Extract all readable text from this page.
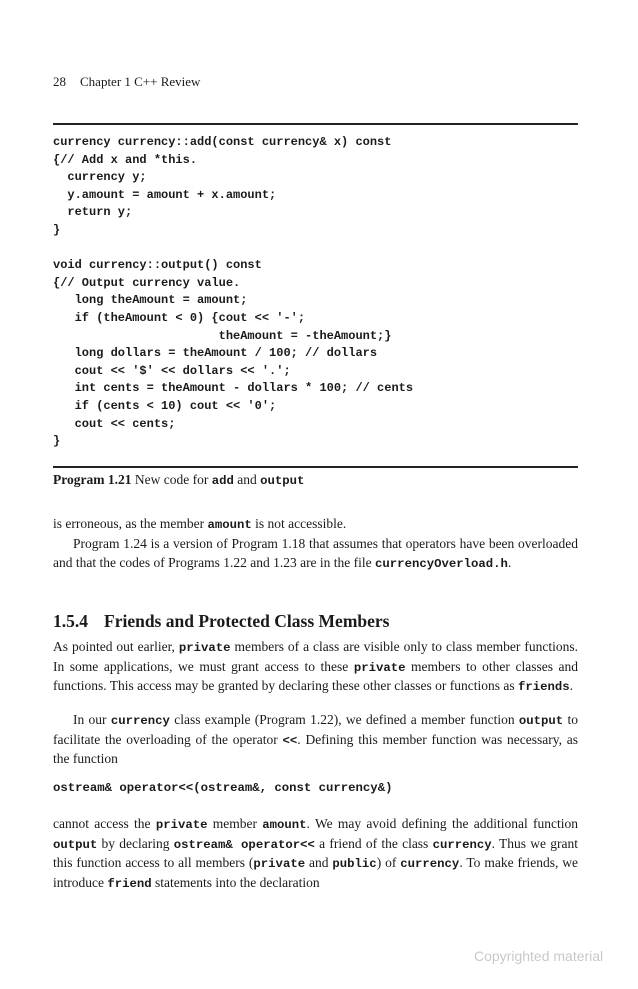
28 Chapter 1 C++ Review
currency currency::add(const currency& x) const
{// Add x and *this.
currency y;
y.amount = amount + x.amount;
return y;
}
void currency::output() const
{// Output currency value.
long theAmount = amount;
if (theAmount < 0) {cout << '-';
theAmount = -theAmount;}
long dollars = theAmount / 100; // dollars
cout << '$' << dollars << '.';
int cents = theAmount - dollars * 100; // cents
if (cents < 10) cout << '0';
cout << cents;
}
Program 1.21 New code for add and output
is erroneous, as the member amount is not accessible.
Program 1.24 is a version of Program 1.18 that assumes that operators have been overloaded and that the codes of Programs 1.22 and 1.23 are in the file currencyOverload.h.
1.5.4 Friends and Protected Class Members
As pointed out earlier, private members of a class are visible only to class member functions. In some applications, we must grant access to these private members to other classes and functions. This access may be granted by declaring these other classes or functions as friends.
In our currency class example (Program 1.22), we defined a member function output to facilitate the overloading of the operator <<. Defining this member function was necessary, as the function
ostream& operator<<(ostream&, const currency&)
cannot access the private member amount. We may avoid defining the additional function output by declaring ostream& operator<< a friend of the class currency. Thus we grant this function access to all members (private and public) of currency. To make friends, we introduce friend statements into the declaration
Copyrighted material
